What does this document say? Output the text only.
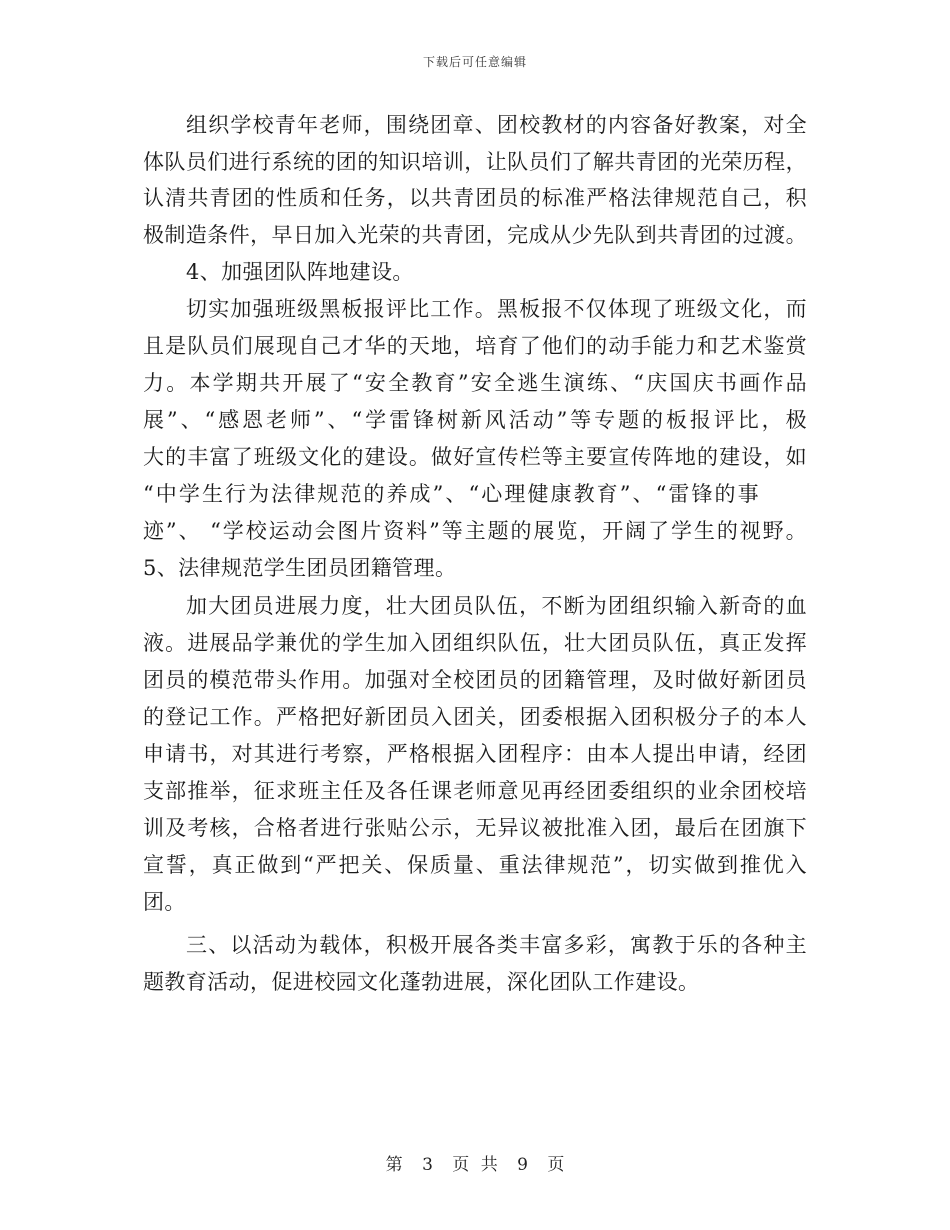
下载后可任意编辑
组织学校青年老师，围绕团章、团校教材的内容备好教案，对全
体队员们进行系统的团的知识培训，让队员们了解共青团的光荣历程，
认清共青团的性质和任务，以共青团员的标准严格法律规范自己，积
极制造条件，早日加入光荣的共青团，完成从少先队到共青团的过渡。
4、加强团队阵地建设。
切实加强班级黑板报评比工作。黑板报不仅体现了班级文化，而
且是队员们展现自己才华的天地，培育了他们的动手能力和艺术鉴赏
力。本学期共开展了“安全教育”安全逃生演练、“庆国庆书画作品
展”、“感恩老师”、“学雷锋树新风活动”等专题的板报评比，极
大的丰富了班级文化的建设。做好宣传栏等主要宣传阵地的建设，如
“中学生行为法律规范的养成”、“心理健康教育”、“雷锋的事
迹”、 “学校运动会图片资料”等主题的展览，开阔了学生的视野。
5、法律规范学生团员团籍管理。
加大团员进展力度，壮大团员队伍，不断为团组织输入新奇的血
液。进展品学兼优的学生加入团组织队伍，壮大团员队伍，真正发挥
团员的模范带头作用。加强对全校团员的团籍管理，及时做好新团员
的登记工作。严格把好新团员入团关，团委根据入团积极分子的本人
申请书，对其进行考察，严格根据入团程序：由本人提出申请，经团
支部推举，征求班主任及各任课老师意见再经团委组织的业余团校培
训及考核，合格者进行张贴公示，无异议被批准入团，最后在团旗下
宣誓，真正做到“严把关、保质量、重法律规范”，切实做到推优入
团。
三、以活动为载体，积极开展各类丰富多彩，寓教于乐的各种主
题教育活动，促进校园文化蓬勃进展，深化团队工作建设。
第 3 页 共 9 页
